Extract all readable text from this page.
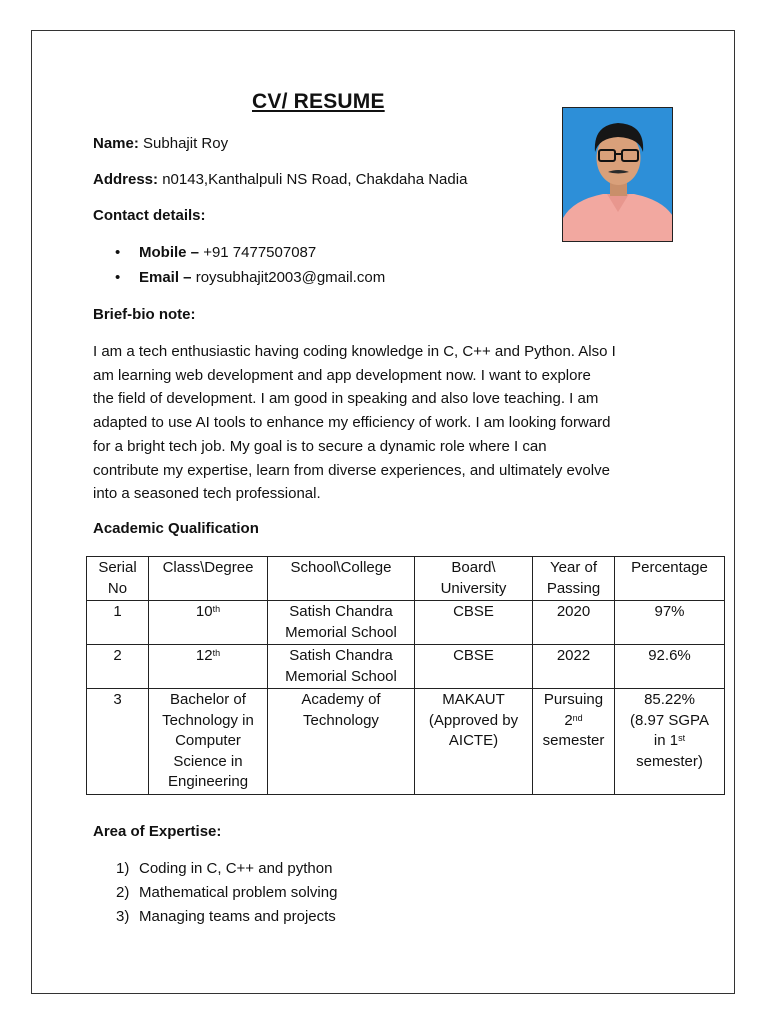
CV/ RESUME
Name: Subhajit Roy
Address: n0143,Kanthalpuli NS Road, Chakdaha Nadia
Contact details:
• Mobile – +91 7477507087
• Email – roysubhajit2003@gmail.com
Brief-bio note:
I am a tech enthusiastic having coding knowledge in C, C++ and Python. Also I
am learning web development and app development now. I want to explore
the field of development. I am good in speaking and also love teaching. I am
adapted to use AI tools to enhance my efficiency of work. I am looking forward
for a bright tech job. My goal is to secure a dynamic role where I can
contribute my expertise, learn from diverse experiences, and ultimately evolve
into a seasoned tech professional.
Academic Qualification
Serial
No	Class\Degree	School\College	Board\
University	Year of
Passing	Percentage

1	10th	Satish Chandra
Memorial School	CBSE	2020	97%
2	12th	Satish Chandra
Memorial School	CBSE	2022	92.6%
3	Bachelor of
Technology in
Computer
Science in
Engineering	Academy of
Technology	MAKAUT
(Approved by
AICTE)	Pursuing
2nd
semester	85.22%
(8.97 SGPA
in 1st
semester)
Area of Expertise:
1) Coding in C, C++ and python
2) Mathematical problem solving
3) Managing teams and projects
